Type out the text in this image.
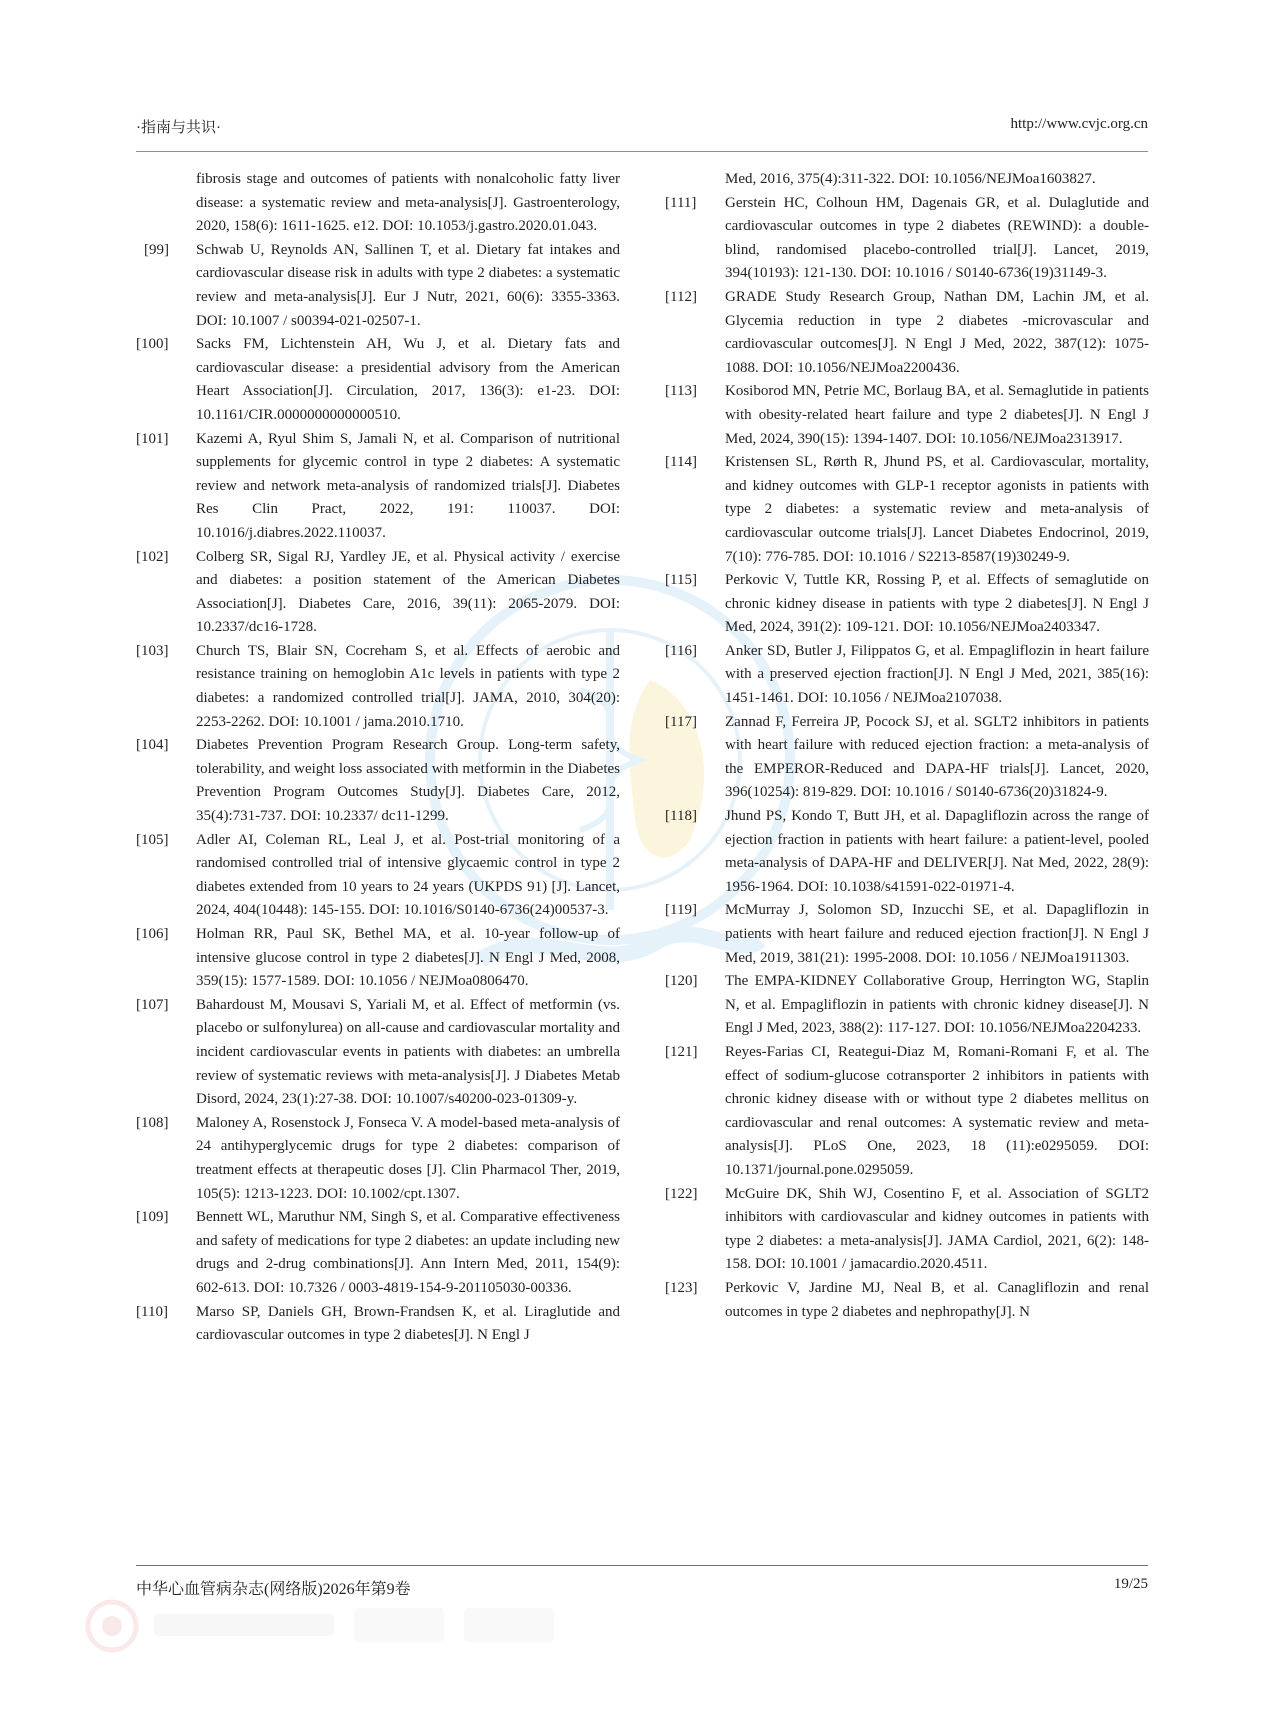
·指南与共识·	http://www.cvjc.org.cn
fibrosis stage and outcomes of patients with nonalcoholic fatty liver disease: a systematic review and meta-analysis[J]. Gastroenterology, 2020, 158(6): 1611-1625. e12. DOI: 10.1053/j.gastro.2020.01.043.
[99]	Schwab U, Reynolds AN, Sallinen T, et al. Dietary fat intakes and cardiovascular disease risk in adults with type 2 diabetes: a systematic review and meta-analysis[J]. Eur J Nutr, 2021, 60(6): 3355-3363. DOI: 10.1007 / s00394-021-02507-1.
[100]	Sacks FM, Lichtenstein AH, Wu J, et al. Dietary fats and cardiovascular disease: a presidential advisory from the American Heart Association[J]. Circulation, 2017, 136(3): e1-23. DOI: 10.1161/CIR.0000000000000510.
[101]	Kazemi A, Ryul Shim S, Jamali N, et al. Comparison of nutritional supplements for glycemic control in type 2 diabetes: A systematic review and network meta-analysis of randomized trials[J]. Diabetes Res Clin Pract, 2022, 191: 110037. DOI: 10.1016/j.diabres.2022.110037.
[102]	Colberg SR, Sigal RJ, Yardley JE, et al. Physical activity / exercise and diabetes: a position statement of the American Diabetes Association[J]. Diabetes Care, 2016, 39(11): 2065-2079. DOI: 10.2337/dc16-1728.
[103]	Church TS, Blair SN, Cocreham S, et al. Effects of aerobic and resistance training on hemoglobin A1c levels in patients with type 2 diabetes: a randomized controlled trial[J]. JAMA, 2010, 304(20): 2253-2262. DOI: 10.1001 / jama.2010.1710.
[104]	Diabetes Prevention Program Research Group. Long-term safety, tolerability, and weight loss associated with metformin in the Diabetes Prevention Program Outcomes Study[J]. Diabetes Care, 2012, 35(4):731-737. DOI: 10.2337/ dc11-1299.
[105]	Adler AI, Coleman RL, Leal J, et al. Post-trial monitoring of a randomised controlled trial of intensive glycaemic control in type 2 diabetes extended from 10 years to 24 years (UKPDS 91) [J]. Lancet, 2024, 404(10448): 145-155. DOI: 10.1016/S0140-6736(24)00537-3.
[106]	Holman RR, Paul SK, Bethel MA, et al. 10-year follow-up of intensive glucose control in type 2 diabetes[J]. N Engl J Med, 2008, 359(15): 1577-1589. DOI: 10.1056 / NEJMoa0806470.
[107]	Bahardoust M, Mousavi S, Yariali M, et al. Effect of metformin (vs. placebo or sulfonylurea) on all-cause and cardiovascular mortality and incident cardiovascular events in patients with diabetes: an umbrella review of systematic reviews with meta-analysis[J]. J Diabetes Metab Disord, 2024, 23(1):27-38. DOI: 10.1007/s40200-023-01309-y.
[108]	Maloney A, Rosenstock J, Fonseca V. A model-based meta-analysis of 24 antihyperglycemic drugs for type 2 diabetes: comparison of treatment effects at therapeutic doses [J]. Clin Pharmacol Ther, 2019, 105(5): 1213-1223. DOI: 10.1002/cpt.1307.
[109]	Bennett WL, Maruthur NM, Singh S, et al. Comparative effectiveness and safety of medications for type 2 diabetes: an update including new drugs and 2-drug combinations[J]. Ann Intern Med, 2011, 154(9): 602-613. DOI: 10.7326 / 0003-4819-154-9-201105030-00336.
[110]	Marso SP, Daniels GH, Brown-Frandsen K, et al. Liraglutide and cardiovascular outcomes in type 2 diabetes[J]. N Engl J
Med, 2016, 375(4):311-322. DOI: 10.1056/NEJMoa1603827.
[111]	Gerstein HC, Colhoun HM, Dagenais GR, et al. Dulaglutide and cardiovascular outcomes in type 2 diabetes (REWIND): a double-blind, randomised placebo-controlled trial[J]. Lancet, 2019, 394(10193): 121-130. DOI: 10.1016 / S0140-6736(19)31149-3.
[112]	GRADE Study Research Group, Nathan DM, Lachin JM, et al. Glycemia reduction in type 2 diabetes -microvascular and cardiovascular outcomes[J]. N Engl J Med, 2022, 387(12): 1075-1088. DOI: 10.1056/NEJMoa2200436.
[113]	Kosiborod MN, Petrie MC, Borlaug BA, et al. Semaglutide in patients with obesity-related heart failure and type 2 diabetes[J]. N Engl J Med, 2024, 390(15): 1394-1407. DOI: 10.1056/NEJMoa2313917.
[114]	Kristensen SL, Rørth R, Jhund PS, et al. Cardiovascular, mortality, and kidney outcomes with GLP-1 receptor agonists in patients with type 2 diabetes: a systematic review and meta-analysis of cardiovascular outcome trials[J]. Lancet Diabetes Endocrinol, 2019, 7(10): 776-785. DOI: 10.1016 / S2213-8587(19)30249-9.
[115]	Perkovic V, Tuttle KR, Rossing P, et al. Effects of semaglutide on chronic kidney disease in patients with type 2 diabetes[J]. N Engl J Med, 2024, 391(2): 109-121. DOI: 10.1056/NEJMoa2403347.
[116]	Anker SD, Butler J, Filippatos G, et al. Empagliflozin in heart failure with a preserved ejection fraction[J]. N Engl J Med, 2021, 385(16): 1451-1461. DOI: 10.1056 / NEJMoa2107038.
[117]	Zannad F, Ferreira JP, Pocock SJ, et al. SGLT2 inhibitors in patients with heart failure with reduced ejection fraction: a meta-analysis of the EMPEROR-Reduced and DAPA-HF trials[J]. Lancet, 2020, 396(10254): 819-829. DOI: 10.1016 / S0140-6736(20)31824-9.
[118]	Jhund PS, Kondo T, Butt JH, et al. Dapagliflozin across the range of ejection fraction in patients with heart failure: a patient-level, pooled meta-analysis of DAPA-HF and DELIVER[J]. Nat Med, 2022, 28(9): 1956-1964. DOI: 10.1038/s41591-022-01971-4.
[119]	McMurray J, Solomon SD, Inzucchi SE, et al. Dapagliflozin in patients with heart failure and reduced ejection fraction[J]. N Engl J Med, 2019, 381(21): 1995-2008. DOI: 10.1056 / NEJMoa1911303.
[120]	The EMPA-KIDNEY Collaborative Group, Herrington WG, Staplin N, et al. Empagliflozin in patients with chronic kidney disease[J]. N Engl J Med, 2023, 388(2): 117-127. DOI: 10.1056/NEJMoa2204233.
[121]	Reyes-Farias CI, Reategui-Diaz M, Romani-Romani F, et al. The effect of sodium-glucose cotransporter 2 inhibitors in patients with chronic kidney disease with or without type 2 diabetes mellitus on cardiovascular and renal outcomes: A systematic review and meta-analysis[J]. PLoS One, 2023, 18 (11):e0295059. DOI: 10.1371/journal.pone.0295059.
[122]	McGuire DK, Shih WJ, Cosentino F, et al. Association of SGLT2 inhibitors with cardiovascular and kidney outcomes in patients with type 2 diabetes: a meta-analysis[J]. JAMA Cardiol, 2021, 6(2): 148-158. DOI: 10.1001 / jamacardio.2020.4511.
[123]	Perkovic V, Jardine MJ, Neal B, et al. Canagliflozin and renal outcomes in type 2 diabetes and nephropathy[J]. N
中华心血管病杂志(网络版)2026年第9卷	19/25
